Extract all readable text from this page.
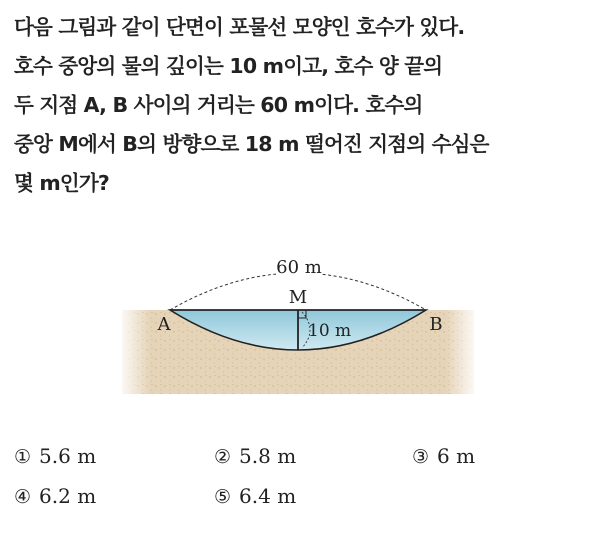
다음 그림과 같이 단면이 포물선 모양인 호수가 있다.
호수 중앙의 물의 깊이는 10 m이고, 호수 양 끝의
두 지점 A, B 사이의 거리는 60 m이다. 호수의
중앙 M에서 B의 방향으로 18 m 떨어진 지점의 수심은
몇 m인가?
60 m
M
A	B
10 m
① 5.6 m	② 5.8 m	③ 6 m
④ 6.2 m	⑤ 6.4 m
